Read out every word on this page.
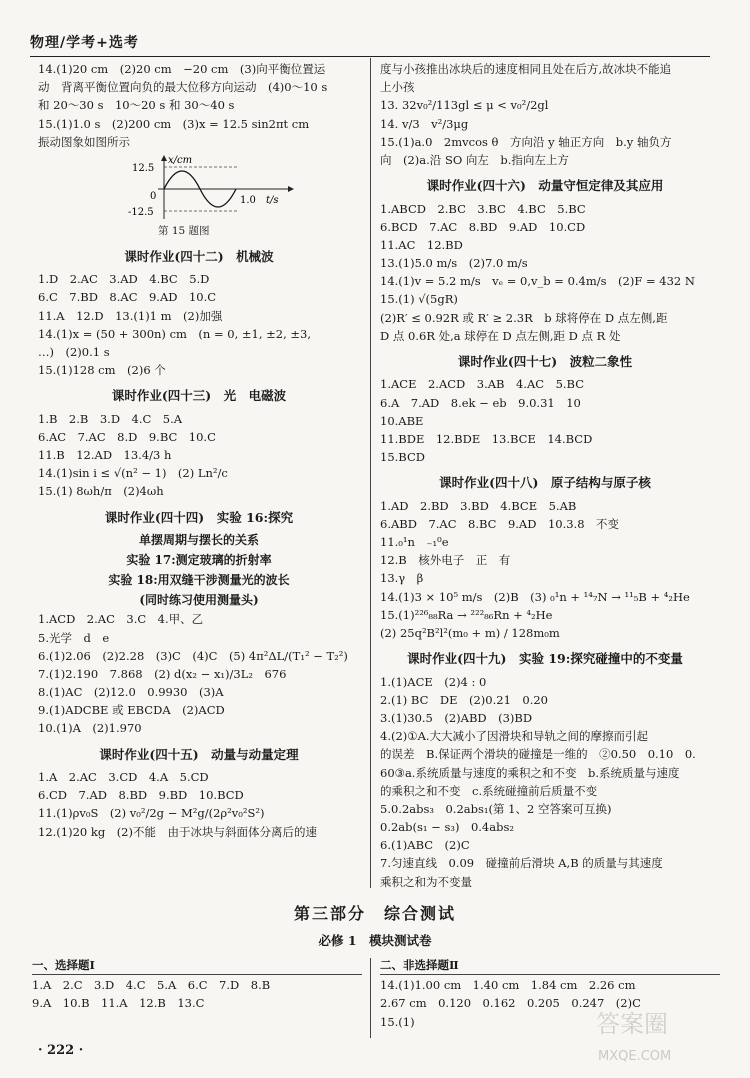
物理/学考+选考
14.(1)20 cm　(2)20 cm　−20 cm　(3)向平衡位置运
动　背离平衡位置向负的最大位移方向运动　(4)0～10 s
和 20～30 s　10～20 s 和 30～40 s
15.(1)1.0 s　(2)200 cm　(3)x = 12.5 sin2πt cm
振动图象如图所示
x/cm
12.5
0
-12.5
1.0 t/s
第 15 题图
课时作业(四十二)　机械波
1.D　2.AC　3.AD　4.BC　5.D
6.C　7.BD　8.AC　9.AD　10.C
11.A　12.D　13.(1)1 m　(2)加强
14.(1)x = (50 + 300n) cm　(n = 0, ±1, ±2, ±3,
…)　(2)0.1 s
15.(1)128 cm　(2)6 个
课时作业(四十三)　光　电磁波
1.B　2.B　3.D　4.C　5.A
6.AC　7.AC　8.D　9.BC　10.C
11.B　12.AD　13.4/3 h
14.(1)sin i ≤ √(n² − 1)　(2) Ln²/c
15.(1) 8ωh/π　(2)4ωh
课时作业(四十四)　实验 16:探究
单摆周期与摆长的关系
实验 17:测定玻璃的折射率
实验 18:用双缝干涉测量光的波长
(同时练习使用测量头)
1.ACD　2.AC　3.C　4.甲、乙
5.光学　d　e
6.(1)2.06　(2)2.28　(3)C　(4)C　(5) 4π²ΔL/(T₁² − T₂²)
7.(1)2.190　7.868　(2) d(x₂ − x₁)/3L₂　676
8.(1)AC　(2)12.0　0.9930　(3)A
9.(1)ADCBE 或 EBCDA　(2)ACD
10.(1)A　(2)1.970
课时作业(四十五)　动量与动量定理
1.A　2.AC　3.CD　4.A　5.CD
6.CD　7.AD　8.BD　9.BD　10.BCD
11.(1)ρv₀S　(2) v₀²/2g − M²g/(2ρ²v₀²S²)
12.(1)20 kg　(2)不能　由于冰块与斜面体分离后的速
度与小孩推出冰块后的速度相同且处在后方,故冰块不能追
上小孩
13. 32v₀²/113gl ≤ μ < v₀²/2gl
14. v/3　v²/3μg
15.(1)a.0　2mvcos θ　方向沿 y 轴正方向　b.y 轴负方
向　(2)a.沿 SO 向左　b.指向左上方
课时作业(四十六)　动量守恒定律及其应用
1.ABCD　2.BC　3.BC　4.BC　5.BC
6.BCD　7.AC　8.BD　9.AD　10.CD
11.AC　12.BD
13.(1)5.0 m/s　(2)7.0 m/s
14.(1)v = 5.2 m/s　vₑ = 0,v_b = 0.4m/s　(2)F = 432 N
15.(1) √(5gR)
(2)R′ ≤ 0.92R 或 R′ ≥ 2.3R　b 球将停在 D 点左侧,距
D 点 0.6R 处,a 球停在 D 点左侧,距 D 点 R 处
课时作业(四十七)　波粒二象性
1.ACE　2.ACD　3.AB　4.AC　5.BC
6.A　7.AD　8.ek − eb　9.0.31　10
10.ABE
11.BDE　12.BDE　13.BCE　14.BCD
15.BCD
课时作业(四十八)　原子结构与原子核
1.AD　2.BD　3.BD　4.BCE　5.AB
6.ABD　7.AC　8.BC　9.AD　10.3.8　不变
11.₀¹n　₋₁⁰e
12.B　核外电子　正　有
13.γ　β
14.(1)3 × 10⁵ m/s　(2)B　(3) ₀¹n + ¹⁴₇N → ¹¹₅B + ⁴₂He
15.(1)²²⁶₈₈Ra → ²²²₈₆Rn + ⁴₂He
(2) 25q²B²l²(m₀ + m) / 128m₀m
课时作业(四十九)　实验 19:探究碰撞中的不变量
1.(1)ACE　(2)4 : 0
2.(1) BC　DE　(2)0.21　0.20
3.(1)30.5　(2)ABD　(3)BD
4.(2)①A.大大减小了因滑块和导轨之间的摩擦而引起
的误差　B.保证两个滑块的碰撞是一维的　②0.50　0.10　0.
60③a.系统质量与速度的乘积之和不变　b.系统质量与速度
的乘积之和不变　c.系统碰撞前后质量不变
5.0.2abs₃　0.2abs₁(第 1、2 空答案可互换)
0.2ab(s₁ − s₃)　0.4abs₂
6.(1)ABC　(2)C
7.匀速直线　0.09　碰撞前后滑块 A,B 的质量与其速度
乘积之和为不变量
第三部分　综合测试
必修 1　模块测试卷
一、选择题Ⅰ
1.A　2.C　3.D　4.C　5.A　6.C　7.D　8.B
9.A　10.B　11.A　12.B　13.C
二、非选择题Ⅱ
14.(1)1.00 cm　1.40 cm　1.84 cm　2.26 cm
2.67 cm　0.120　0.162　0.205　0.247　(2)C
15.(1)
· 222 ·
答案圈
MXQE.COM
